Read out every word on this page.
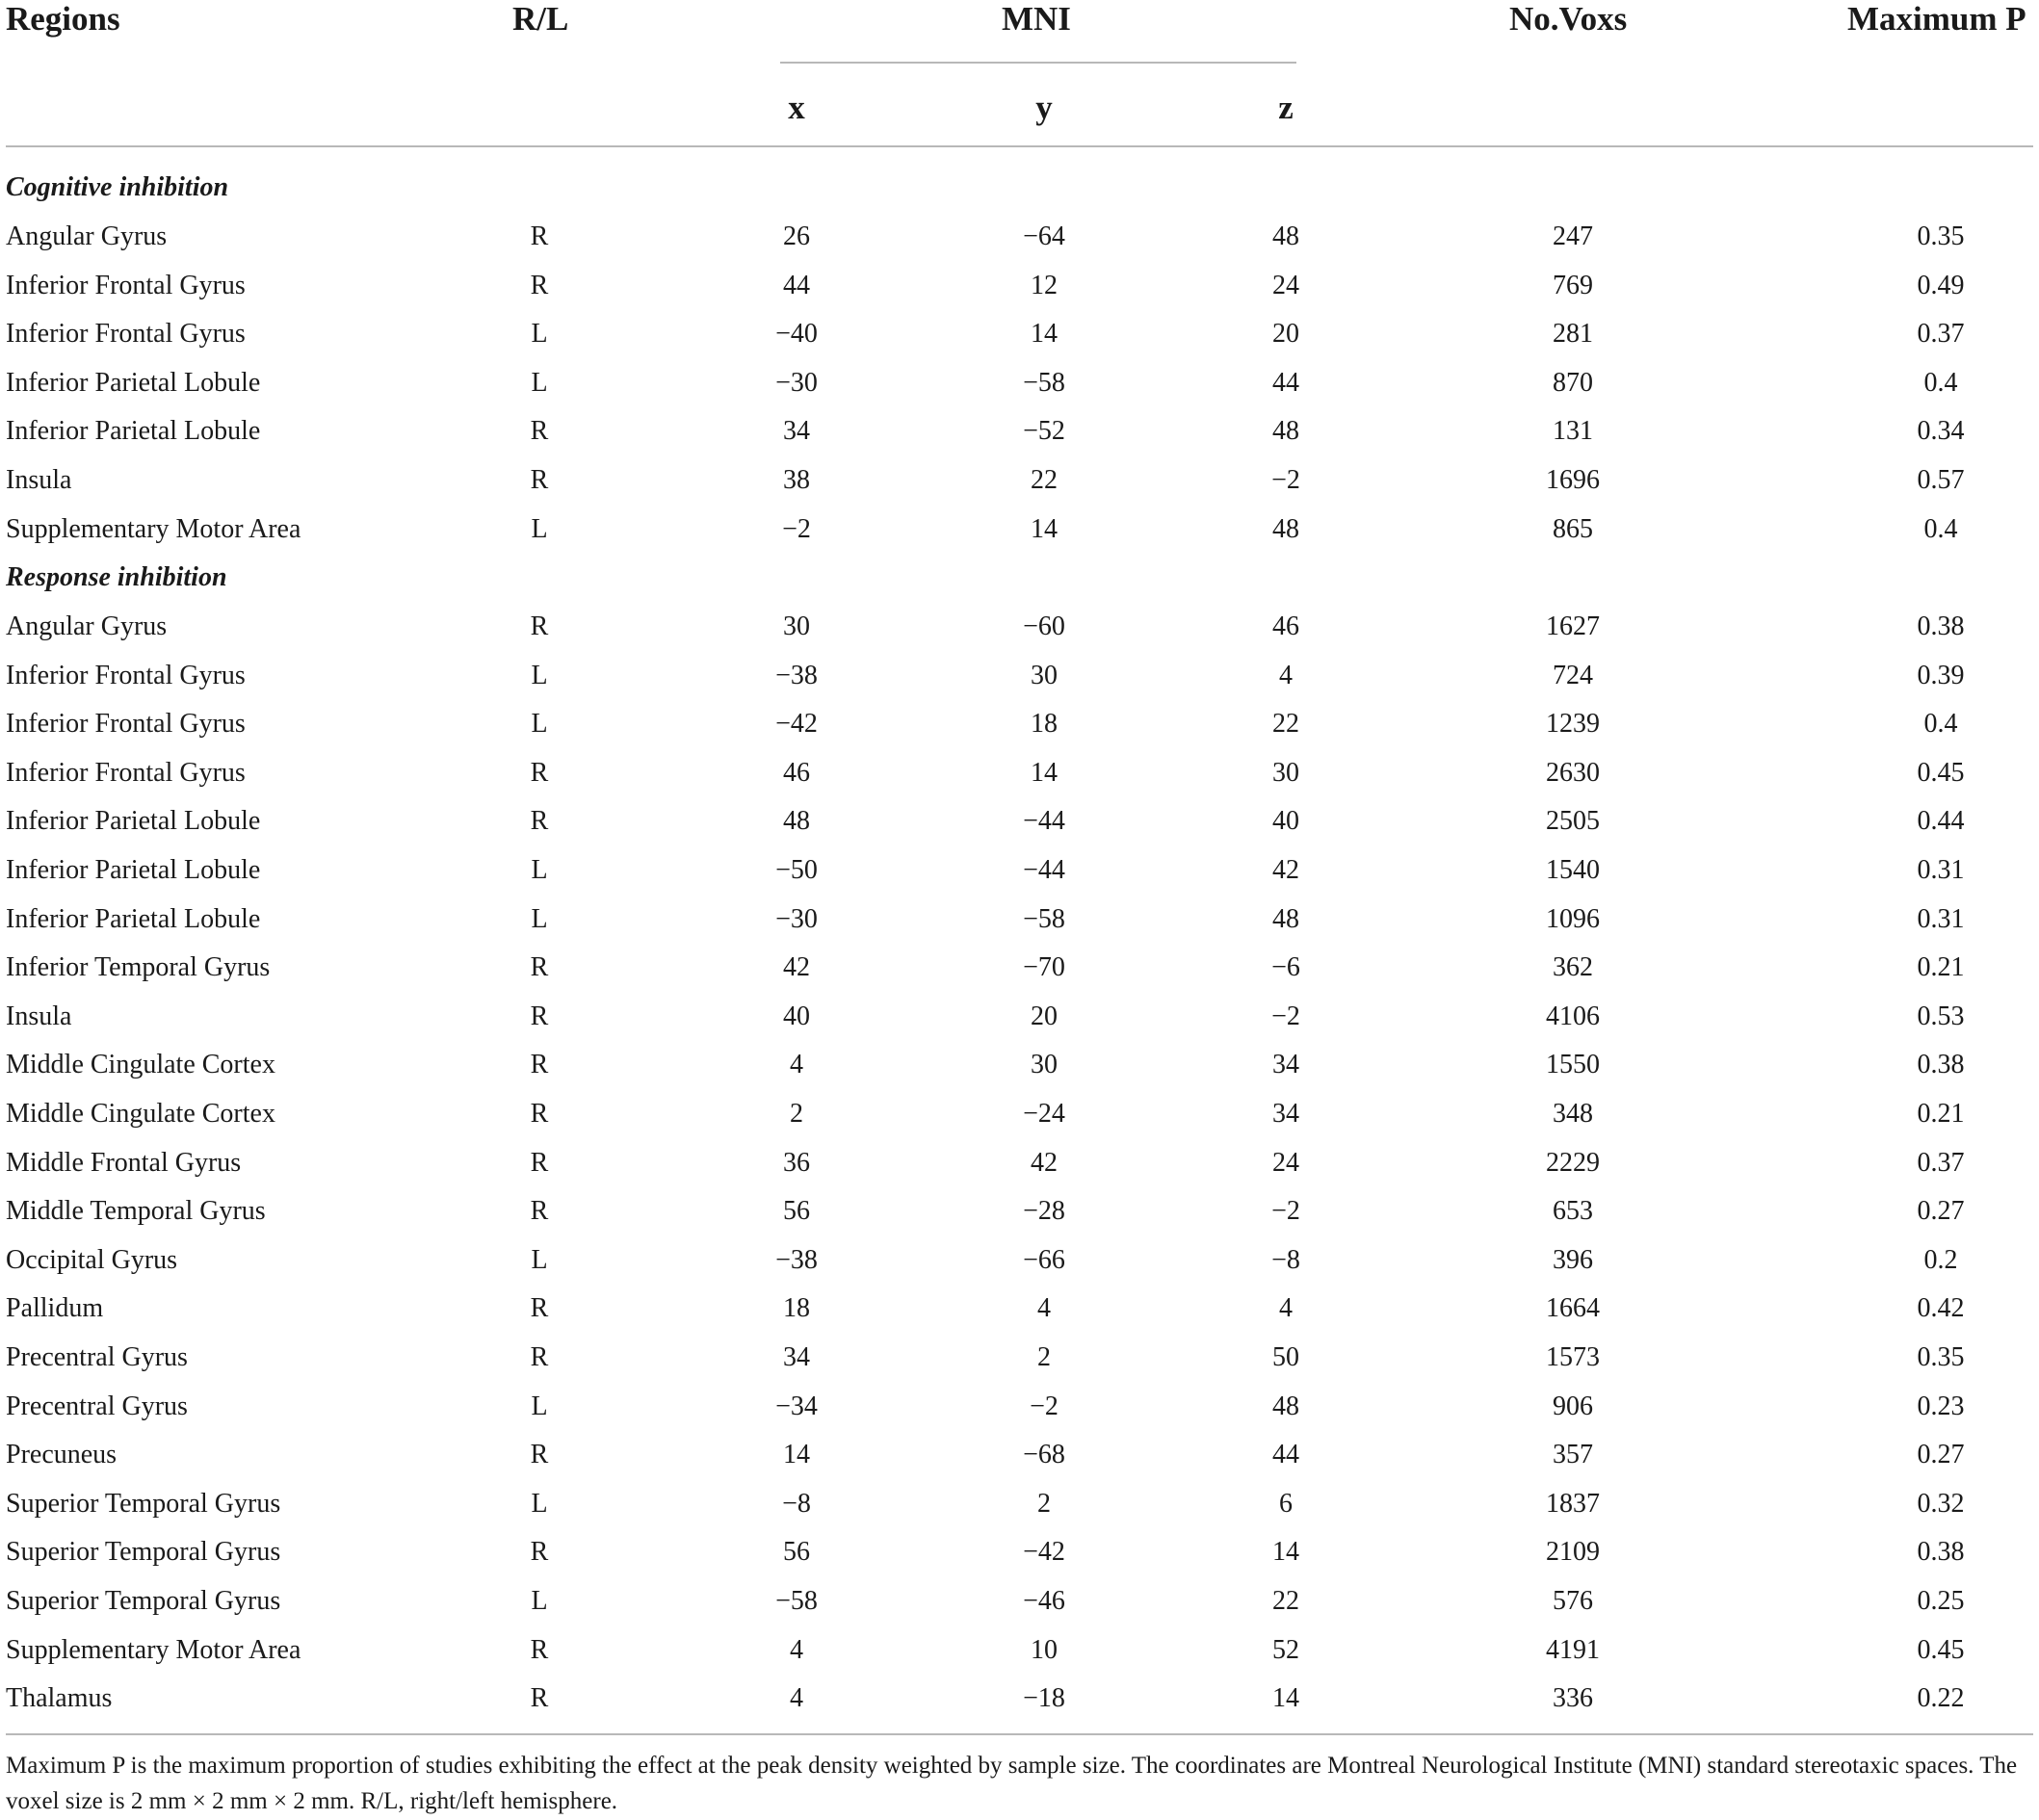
Regions	R/L	MNI	No.Voxs	Maximum P
x	y	z
Cognitive inhibition
Angular Gyrus	R	26	−64	48	247	0.35
Inferior Frontal Gyrus	R	44	12	24	769	0.49
Inferior Frontal Gyrus	L	−40	14	20	281	0.37
Inferior Parietal Lobule	L	−30	−58	44	870	0.4
Inferior Parietal Lobule	R	34	−52	48	131	0.34
Insula	R	38	22	−2	1696	0.57
Supplementary Motor Area	L	−2	14	48	865	0.4
Response inhibition
Angular Gyrus	R	30	−60	46	1627	0.38
Inferior Frontal Gyrus	L	−38	30	4	724	0.39
Inferior Frontal Gyrus	L	−42	18	22	1239	0.4
Inferior Frontal Gyrus	R	46	14	30	2630	0.45
Inferior Parietal Lobule	R	48	−44	40	2505	0.44
Inferior Parietal Lobule	L	−50	−44	42	1540	0.31
Inferior Parietal Lobule	L	−30	−58	48	1096	0.31
Inferior Temporal Gyrus	R	42	−70	−6	362	0.21
Insula	R	40	20	−2	4106	0.53
Middle Cingulate Cortex	R	4	30	34	1550	0.38
Middle Cingulate Cortex	R	2	−24	34	348	0.21
Middle Frontal Gyrus	R	36	42	24	2229	0.37
Middle Temporal Gyrus	R	56	−28	−2	653	0.27
Occipital Gyrus	L	−38	−66	−8	396	0.2
Pallidum	R	18	4	4	1664	0.42
Precentral Gyrus	R	34	2	50	1573	0.35
Precentral Gyrus	L	−34	−2	48	906	0.23
Precuneus	R	14	−68	44	357	0.27
Superior Temporal Gyrus	L	−8	2	6	1837	0.32
Superior Temporal Gyrus	R	56	−42	14	2109	0.38
Superior Temporal Gyrus	L	−58	−46	22	576	0.25
Supplementary Motor Area	R	4	10	52	4191	0.45
Thalamus	R	4	−18	14	336	0.22
Maximum P is the maximum proportion of studies exhibiting the effect at the peak density weighted by sample size. The coordinates are Montreal Neurological Institute (MNI) standard stereotaxic spaces. The voxel size is 2 mm × 2 mm × 2 mm. R/L, right/left hemisphere.
